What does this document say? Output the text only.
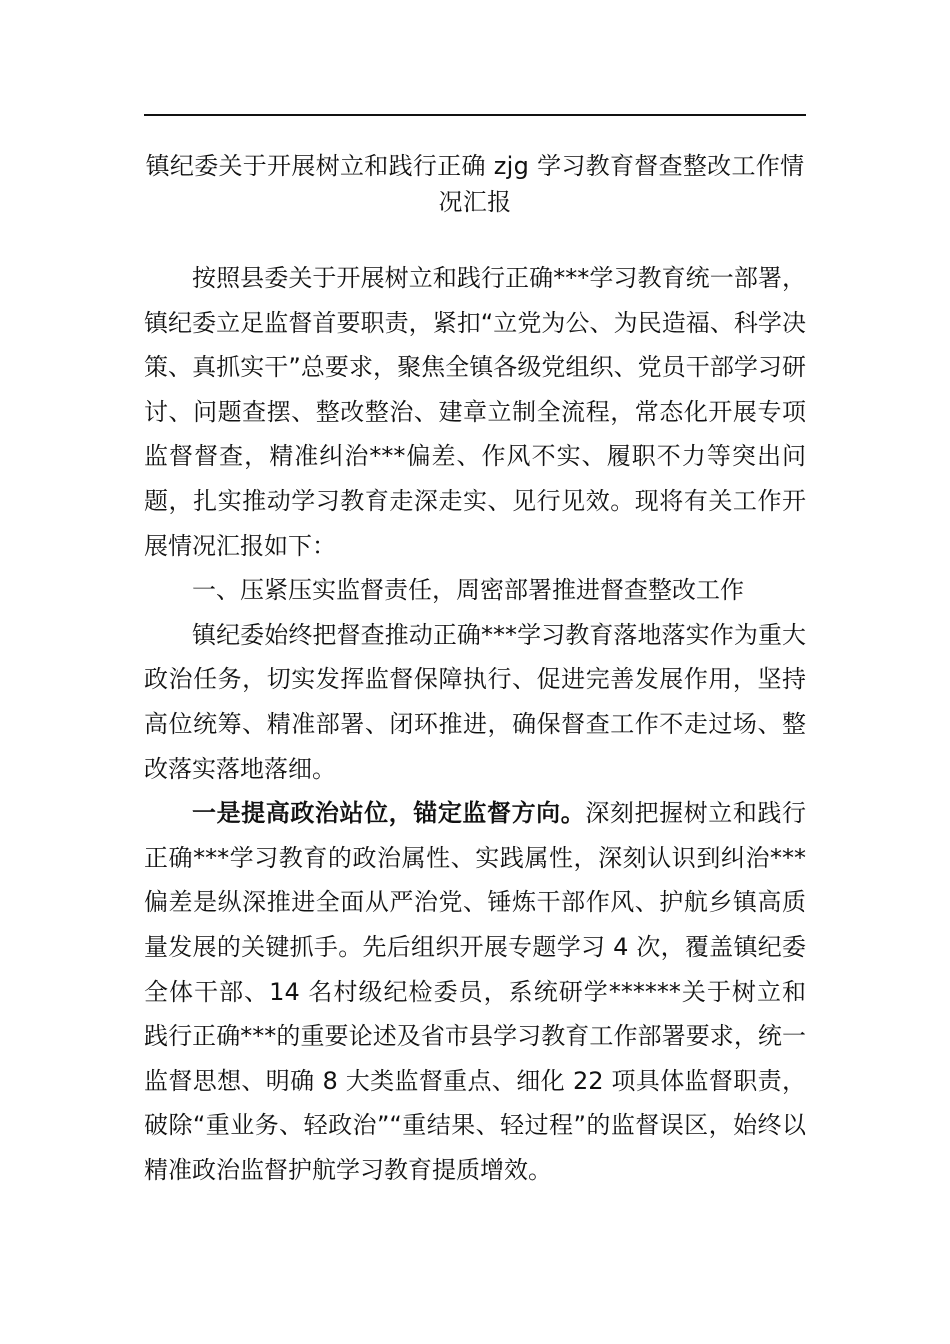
镇纪委关于开展树立和践行正确 zjg 学习教育督查整改工作情况汇报

按照县委关于开展树立和践行正确***学习教育统一部署，镇纪委立足监督首要职责，紧扣“立党为公、为民造福、科学决策、真抓实干”总要求，聚焦全镇各级党组织、党员干部学习研讨、问题查摆、整改整治、建章立制全流程，常态化开展专项监督督查，精准纠治***偏差、作风不实、履职不力等突出问题，扎实推动学习教育走深走实、见行见效。现将有关工作开展情况汇报如下：

一、压紧压实监督责任，周密部署推进督查整改工作

镇纪委始终把督查推动正确***学习教育落地落实作为重大政治任务，切实发挥监督保障执行、促进完善发展作用，坚持高位统筹、精准部署、闭环推进，确保督查工作不走过场、整改落实落地落细。

一是提高政治站位，锚定监督方向。深刻把握树立和践行正确***学习教育的政治属性、实践属性，深刻认识到纠治***偏差是纵深推进全面从严治党、锤炼干部作风、护航乡镇高质量发展的关键抓手。先后组织开展专题学习 4 次，覆盖镇纪委全体干部、14 名村级纪检委员，系统研学******关于树立和践行正确***的重要论述及省市县学习教育工作部署要求，统一监督思想、明确 8 大类监督重点、细化 22 项具体监督职责，破除“重业务、轻政治”“重结果、轻过程”的监督误区，始终以精准政治监督护航学习教育提质增效。
